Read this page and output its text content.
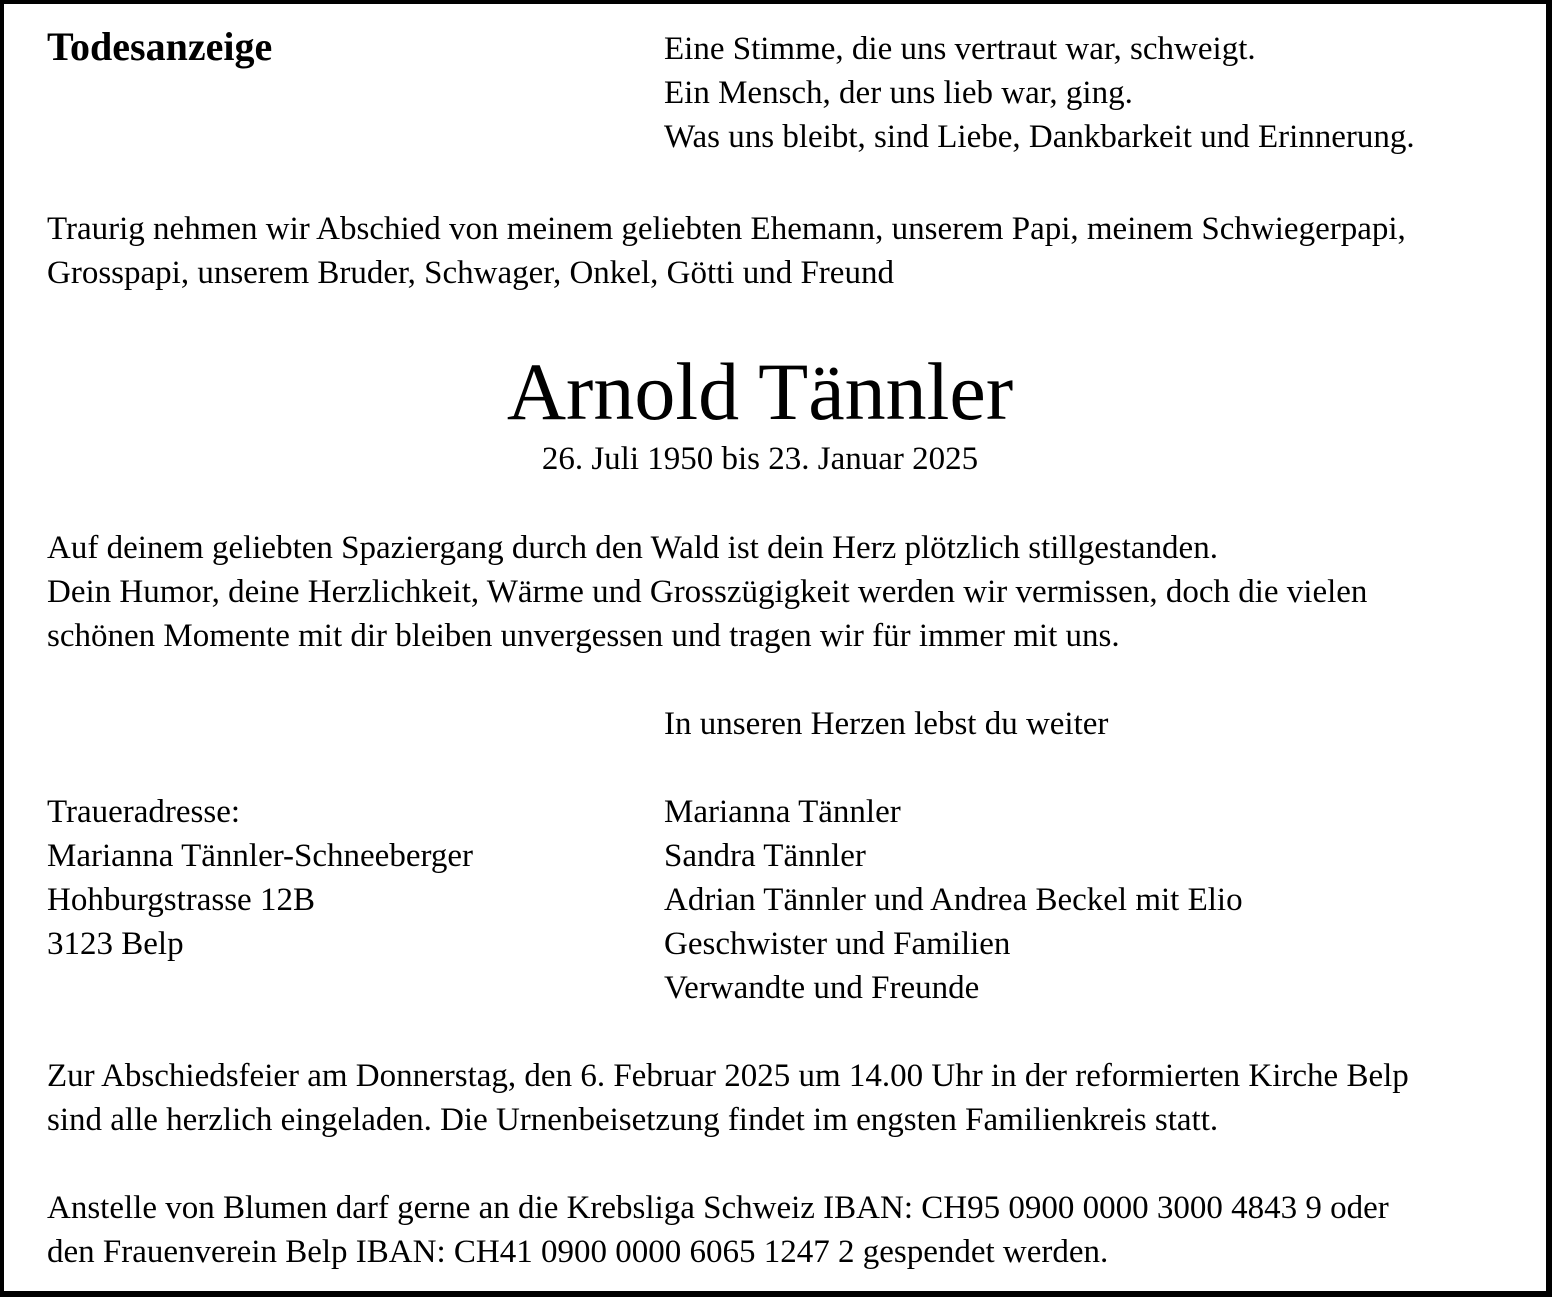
Todesanzeige	Eine Stimme, die uns vertraut war, schweigt.
Ein Mensch, der uns lieb war, ging.
Was uns bleibt, sind Liebe, Dankbarkeit und Erinnerung.
Traurig nehmen wir Abschied von meinem geliebten Ehemann, unserem Papi, meinem Schwiegerpapi,
Grosspapi, unserem Bruder, Schwager, Onkel, Götti und Freund
Arnold Tännler
26. Juli 1950 bis 23. Januar 2025
Auf deinem geliebten Spaziergang durch den Wald ist dein Herz plötzlich stillgestanden.
Dein Humor, deine Herzlichkeit, Wärme und Grosszügigkeit werden wir vermissen, doch die vielen
schönen Momente mit dir bleiben unvergessen und tragen wir für immer mit uns.
In unseren Herzen lebst du weiter
Traueradresse:
Marianna Tännler-Schneeberger
Hohburgstrasse 12B
3123 Belp
Marianna Tännler
Sandra Tännler
Adrian Tännler und Andrea Beckel mit Elio
Geschwister und Familien
Verwandte und Freunde
Zur Abschiedsfeier am Donnerstag, den 6. Februar 2025 um 14.00 Uhr in der reformierten Kirche Belp
sind alle herzlich eingeladen. Die Urnenbeisetzung findet im engsten Familienkreis statt.
Anstelle von Blumen darf gerne an die Krebsliga Schweiz IBAN: CH95 0900 0000 3000 4843 9 oder
den Frauenverein Belp IBAN: CH41 0900 0000 6065 1247 2 gespendet werden.
